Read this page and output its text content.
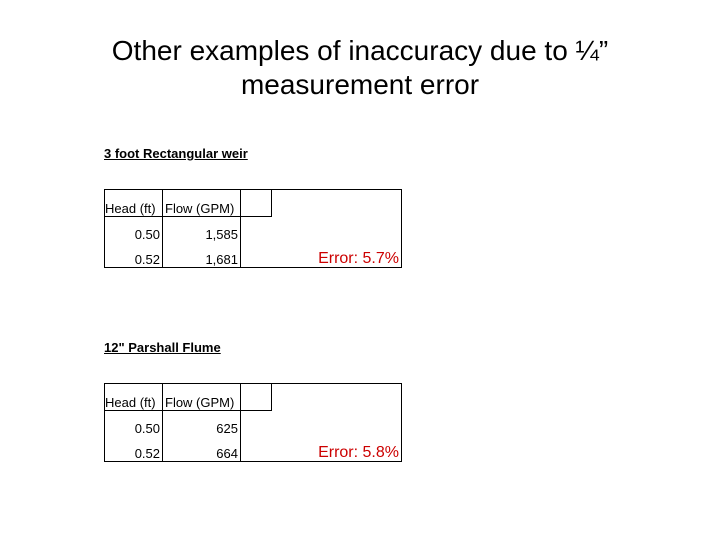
Other examples of inaccuracy due to ¼”
measurement error
3 foot Rectangular weir
Head (ft)	Flow (GPM)		
0.50	1,585		
0.52	1,681		Error: 5.7%
12" Parshall Flume
Head (ft)	Flow (GPM)		
0.50	625		
0.52	664		Error: 5.8%
